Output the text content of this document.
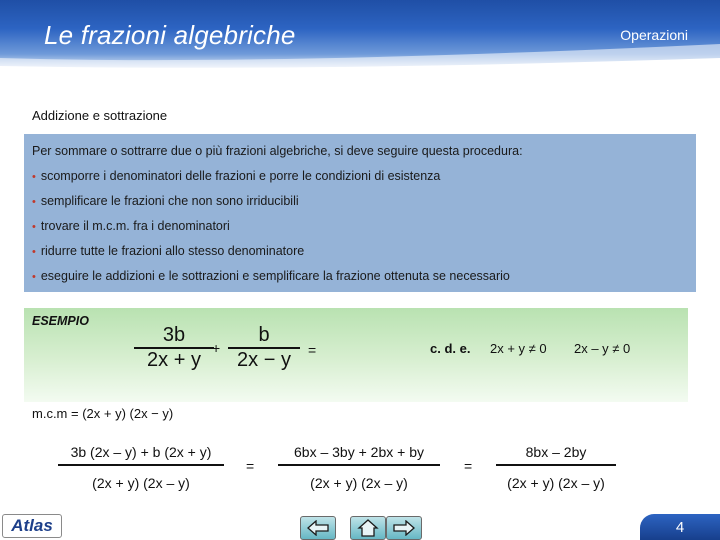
Le frazioni algebriche	Operazioni
Addizione e sottrazione
Per sommare o sottrarre due o più frazioni algebriche, si deve seguire questa procedura:
• scomporre i denominatori delle frazioni e porre le condizioni di esistenza
• semplificare le frazioni che non sono irriducibili
• trovare il m.c.m. fra i denominatori
• ridurre tutte le frazioni allo stesso denominatore
• eseguire le addizioni e le sottrazioni e semplificare la frazione ottenuta se necessario
ESEMPIO
3b
2x + y
+
b
2x − y	=	c. d. e. 2x + y ≠ 0 2x – y ≠ 0
m.c.m = (2x + y) (2x − y)
3b (2x – y) + b (2x + y)
(2x + y) (2x – y)
=
6bx – 3by + 2bx + by
(2x + y) (2x – y)
=
8bx – 2by
(2x + y) (2x – y)
Atlas	4
